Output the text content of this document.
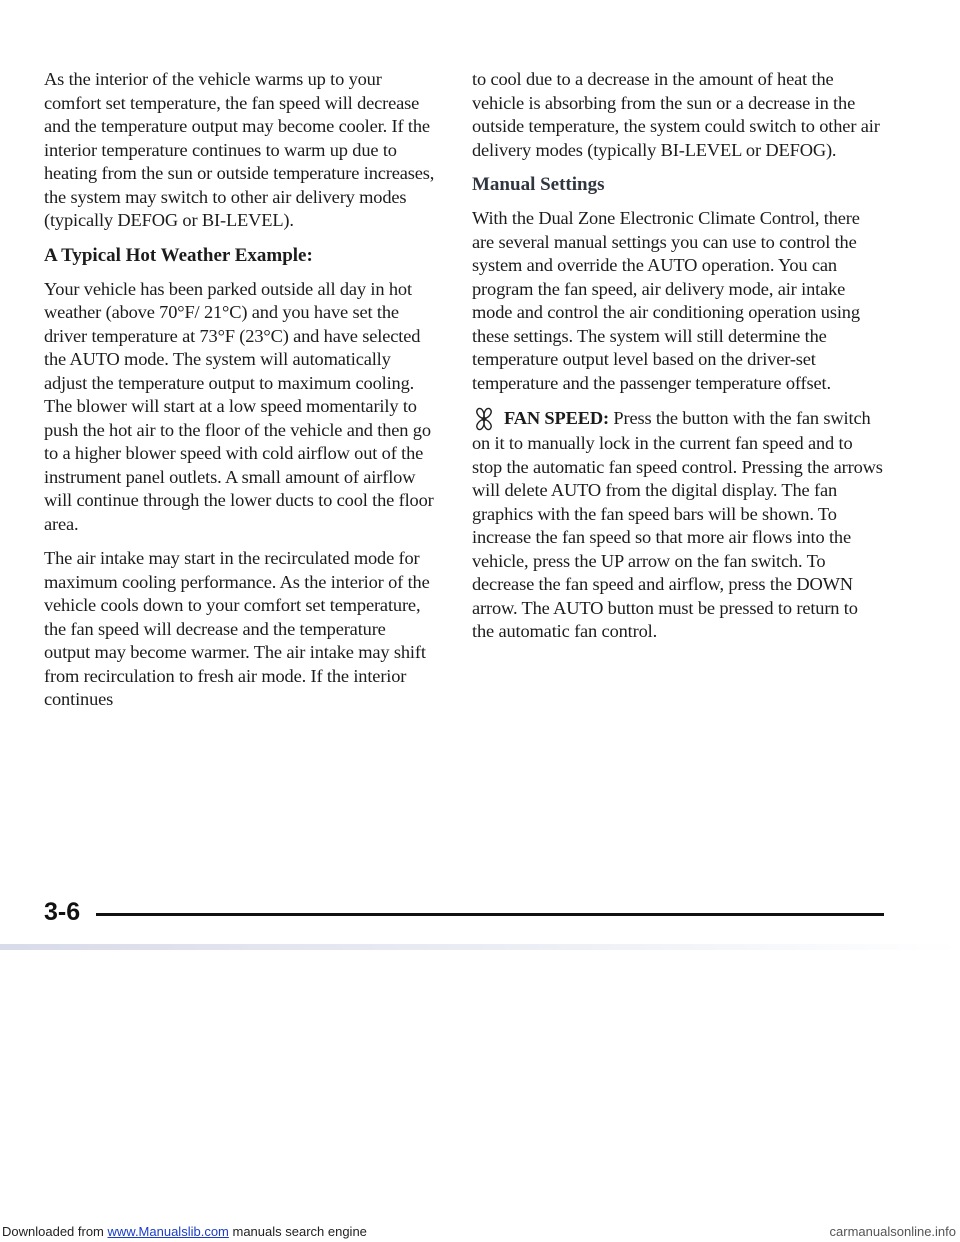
As the interior of the vehicle warms up to your comfort set temperature, the fan speed will decrease and the temperature output may become cooler. If the interior temperature continues to warm up due to heating from the sun or outside temperature increases, the system may switch to other air delivery modes (typically DEFOG or BI-LEVEL).

A Typical Hot Weather Example:

Your vehicle has been parked outside all day in hot weather (above 70°F/ 21°C) and you have set the driver temperature at 73°F (23°C) and have selected the AUTO mode. The system will automatically adjust the temperature output to maximum cooling. The blower will start at a low speed momentarily to push the hot air to the floor of the vehicle and then go to a higher blower speed with cold airflow out of the instrument panel outlets. A small amount of airflow will continue through the lower ducts to cool the floor area.

The air intake may start in the recirculated mode for maximum cooling performance. As the interior of the vehicle cools down to your comfort set temperature, the fan speed will decrease and the temperature output may become warmer. The air intake may shift from recirculation to fresh air mode. If the interior continues

to cool due to a decrease in the amount of heat the vehicle is absorbing from the sun or a decrease in the outside temperature, the system could switch to other air delivery modes (typically BI-LEVEL or DEFOG).

Manual Settings

With the Dual Zone Electronic Climate Control, there are several manual settings you can use to control the system and override the AUTO operation. You can program the fan speed, air delivery mode, air intake mode and control the air conditioning operation using these settings. The system will still determine the temperature output level based on the driver-set temperature and the passenger temperature offset.

FAN SPEED: Press the button with the fan switch on it to manually lock in the current fan speed and to stop the automatic fan speed control. Pressing the arrows will delete AUTO from the digital display. The fan graphics with the fan speed bars will be shown. To increase the fan speed so that more air flows into the vehicle, press the UP arrow on the fan switch. To decrease the fan speed and airflow, press the DOWN arrow. The AUTO button must be pressed to return to the automatic fan control.

3-6
Downloaded from www.Manualslib.com manuals search engine	carmanualsonline.info
